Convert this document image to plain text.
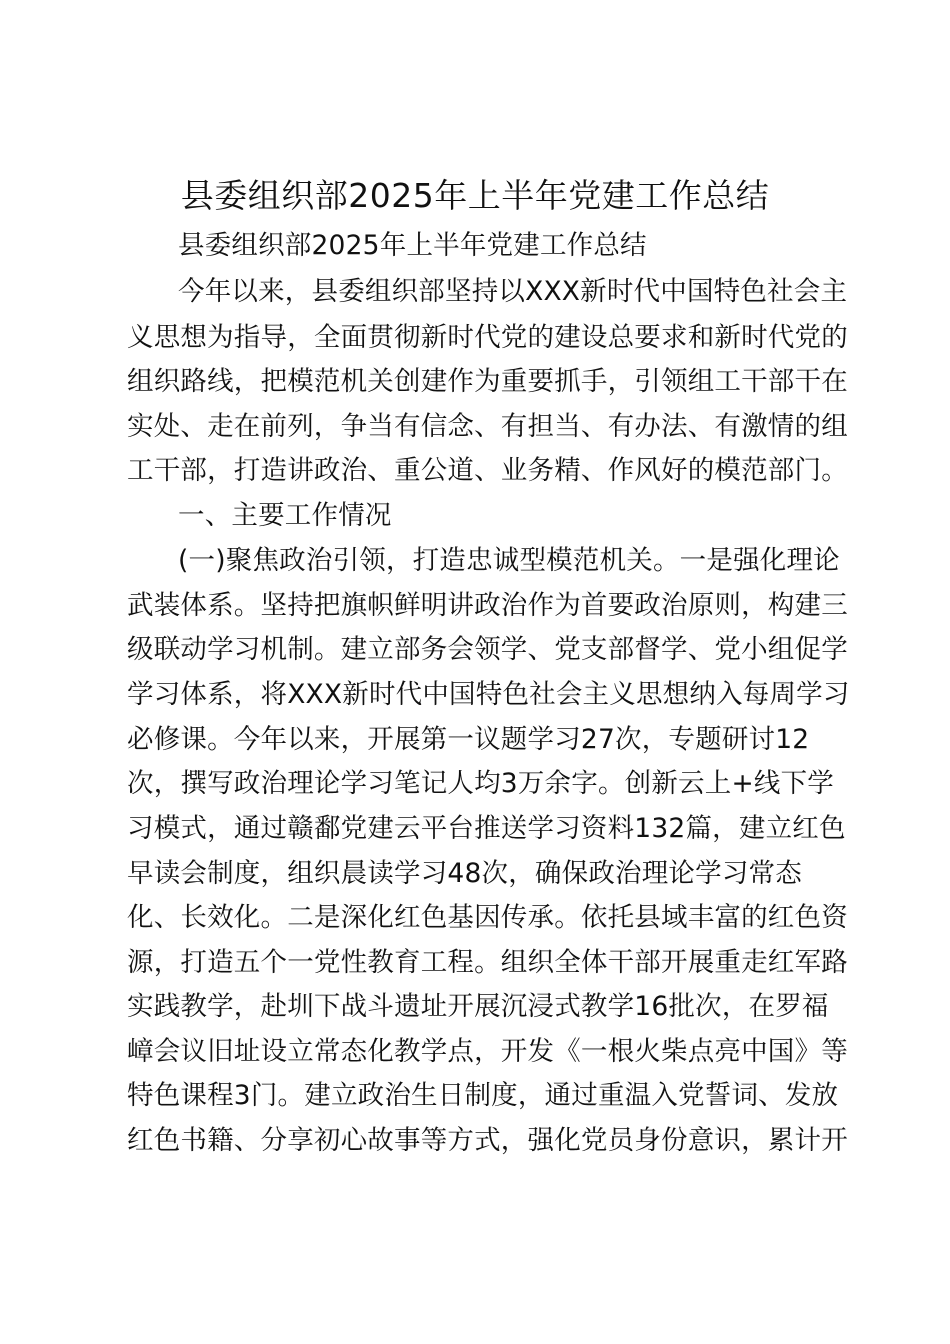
县委组织部2025年上半年党建工作总结

县委组织部2025年上半年党建工作总结

今年以来，县委组织部坚持以XXX新时代中国特色社会主

义思想为指导，全面贯彻新时代党的建设总要求和新时代党的

组织路线，把模范机关创建作为重要抓手，引领组工干部干在

实处、走在前列，争当有信念、有担当、有办法、有激情的组

工干部，打造讲政治、重公道、业务精、作风好的模范部门。

一、主要工作情况

(一)聚焦政治引领，打造忠诚型模范机关。一是强化理论

武装体系。坚持把旗帜鲜明讲政治作为首要政治原则，构建三

级联动学习机制。建立部务会领学、党支部督学、党小组促学

学习体系，将XXX新时代中国特色社会主义思想纳入每周学习

必修课。今年以来，开展第一议题学习27次，专题研讨12

次，撰写政治理论学习笔记人均3万余字。创新云上+线下学

习模式，通过赣鄱党建云平台推送学习资料132篇，建立红色

早读会制度，组织晨读学习48次，确保政治理论学习常态

化、长效化。二是深化红色基因传承。依托县域丰富的红色资

源，打造五个一党性教育工程。组织全体干部开展重走红军路

实践教学，赴圳下战斗遗址开展沉浸式教学16批次，在罗福

嶂会议旧址设立常态化教学点，开发《一根火柴点亮中国》等

特色课程3门。建立政治生日制度，通过重温入党誓词、发放

红色书籍、分享初心故事等方式，强化党员身份意识，累计开
